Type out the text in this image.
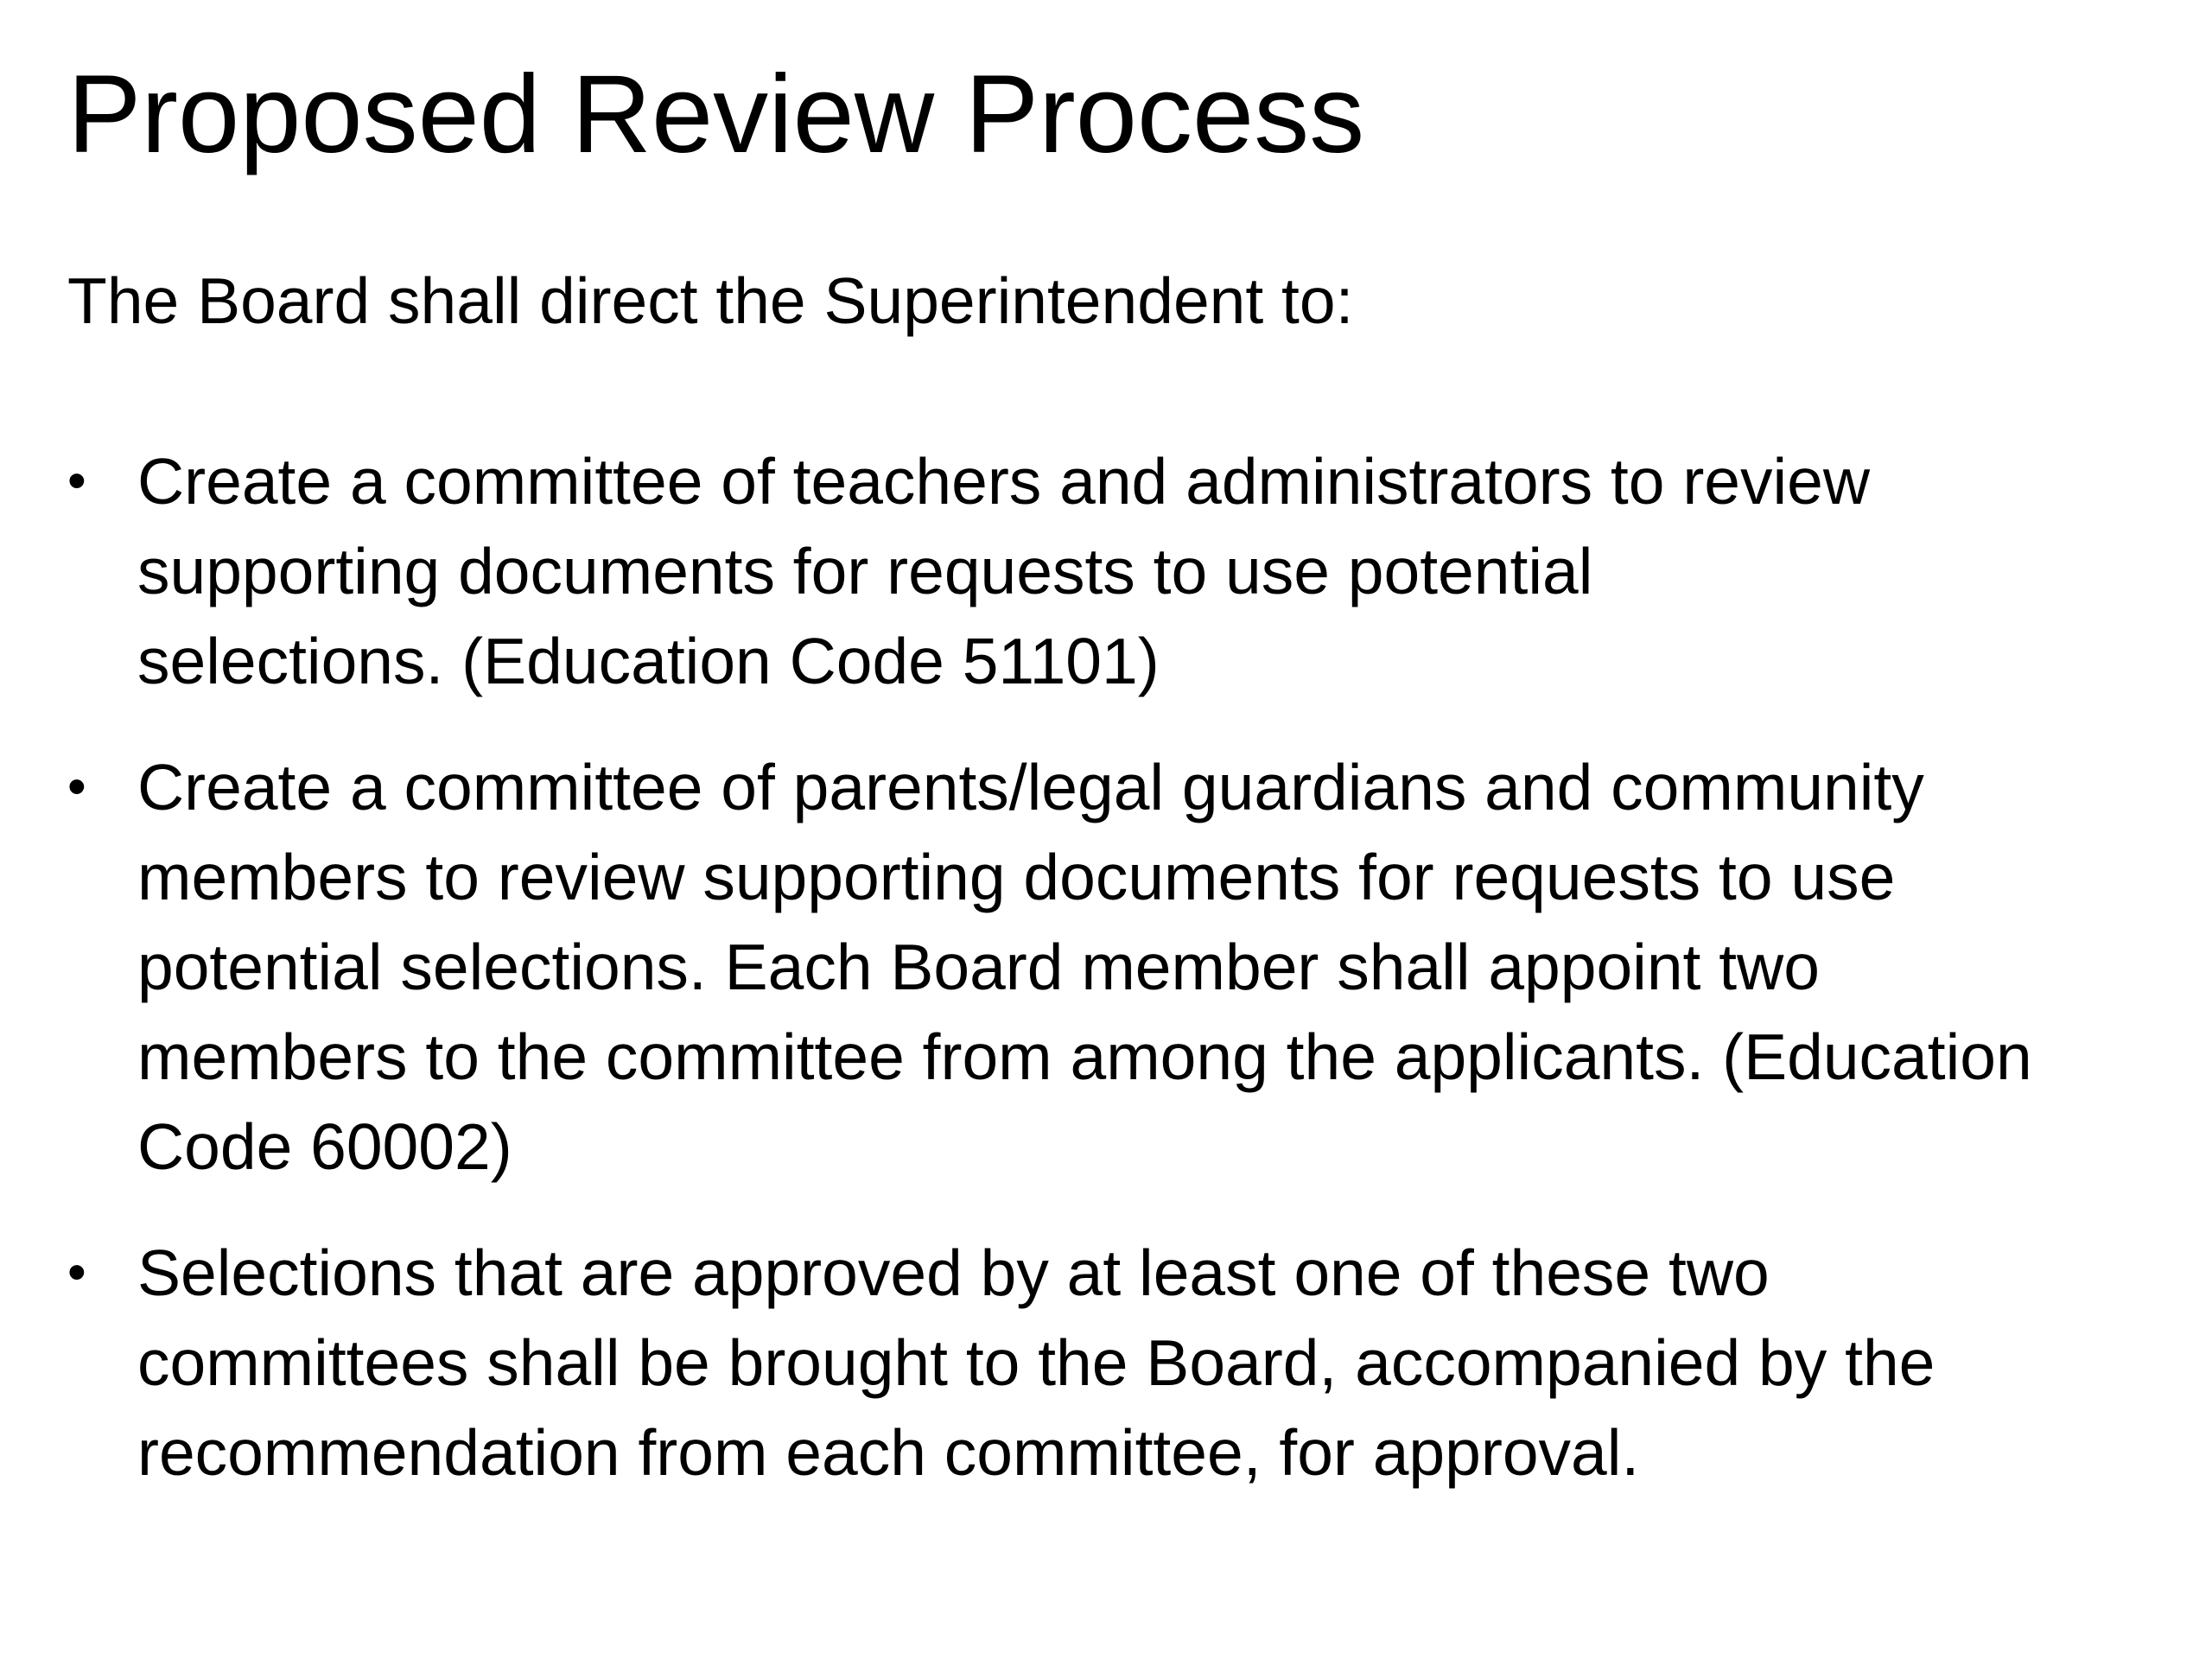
Proposed Review Process

The Board shall direct the Superintendent to:

• Create a committee of teachers and administrators to review
supporting documents for requests to use potential
selections. (Education Code 51101)
• Create a committee of parents/legal guardians and community
members to review supporting documents for requests to use
potential selections. Each Board member shall appoint two
members to the committee from among the applicants. (Education
Code 60002)
• Selections that are approved by at least one of these two
committees shall be brought to the Board, accompanied by the
recommendation from each committee, for approval.
